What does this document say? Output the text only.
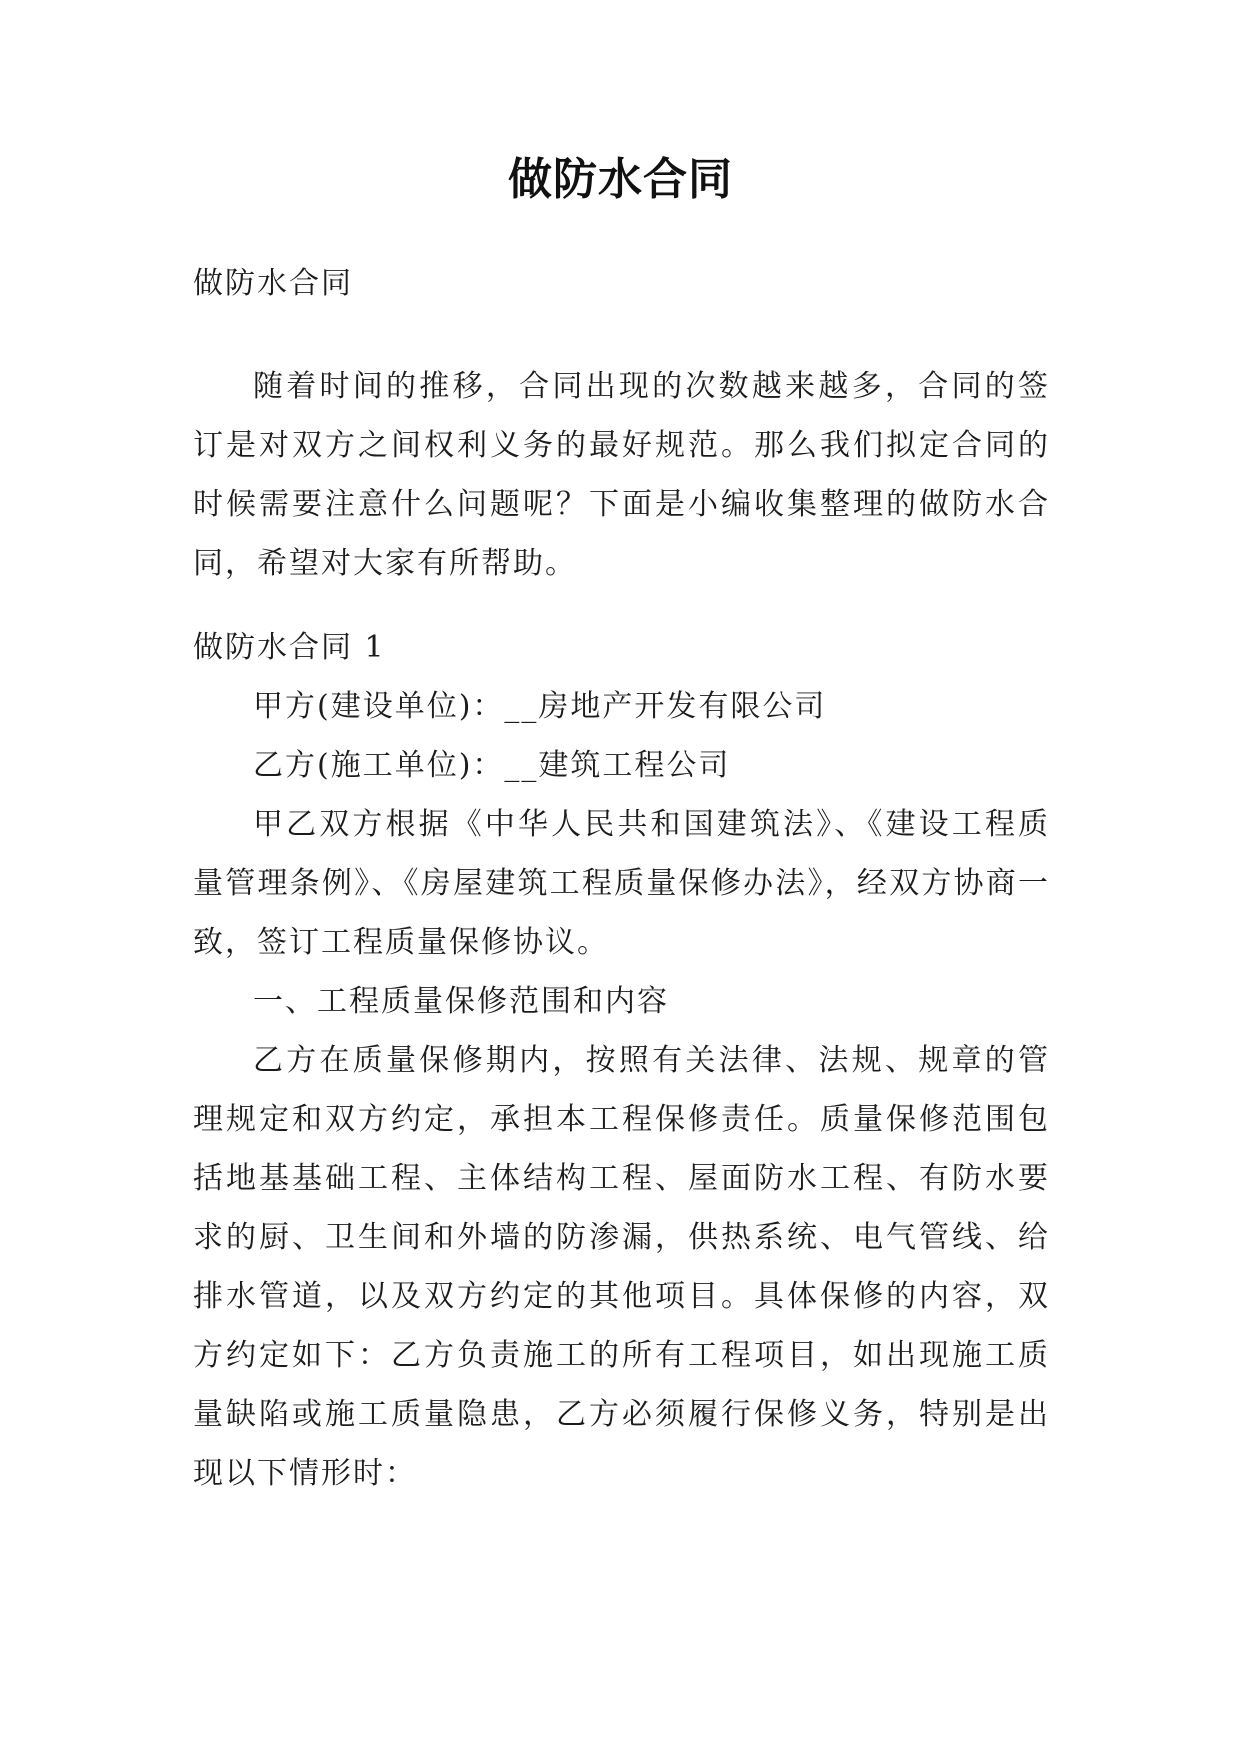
做防水合同

做防水合同

随着时间的推移，合同出现的次数越来越多，合同的签订是对双方之间权利义务的最好规范。那么我们拟定合同的时候需要注意什么问题呢？下面是小编收集整理的做防水合同，希望对大家有所帮助。

做防水合同 1

甲方(建设单位)：__房地产开发有限公司

乙方(施工单位)：__建筑工程公司

甲乙双方根据《中华人民共和国建筑法》、《建设工程质量管理条例》、《房屋建筑工程质量保修办法》，经双方协商一致，签订工程质量保修协议。

一、工程质量保修范围和内容

乙方在质量保修期内，按照有关法律、法规、规章的管理规定和双方约定，承担本工程保修责任。质量保修范围包括地基基础工程、主体结构工程、屋面防水工程、有防水要求的厨、卫生间和外墙的防渗漏，供热系统、电气管线、给排水管道，以及双方约定的其他项目。具体保修的内容，双方约定如下：乙方负责施工的所有工程项目，如出现施工质量缺陷或施工质量隐患，乙方必须履行保修义务，特别是出现以下情形时：
